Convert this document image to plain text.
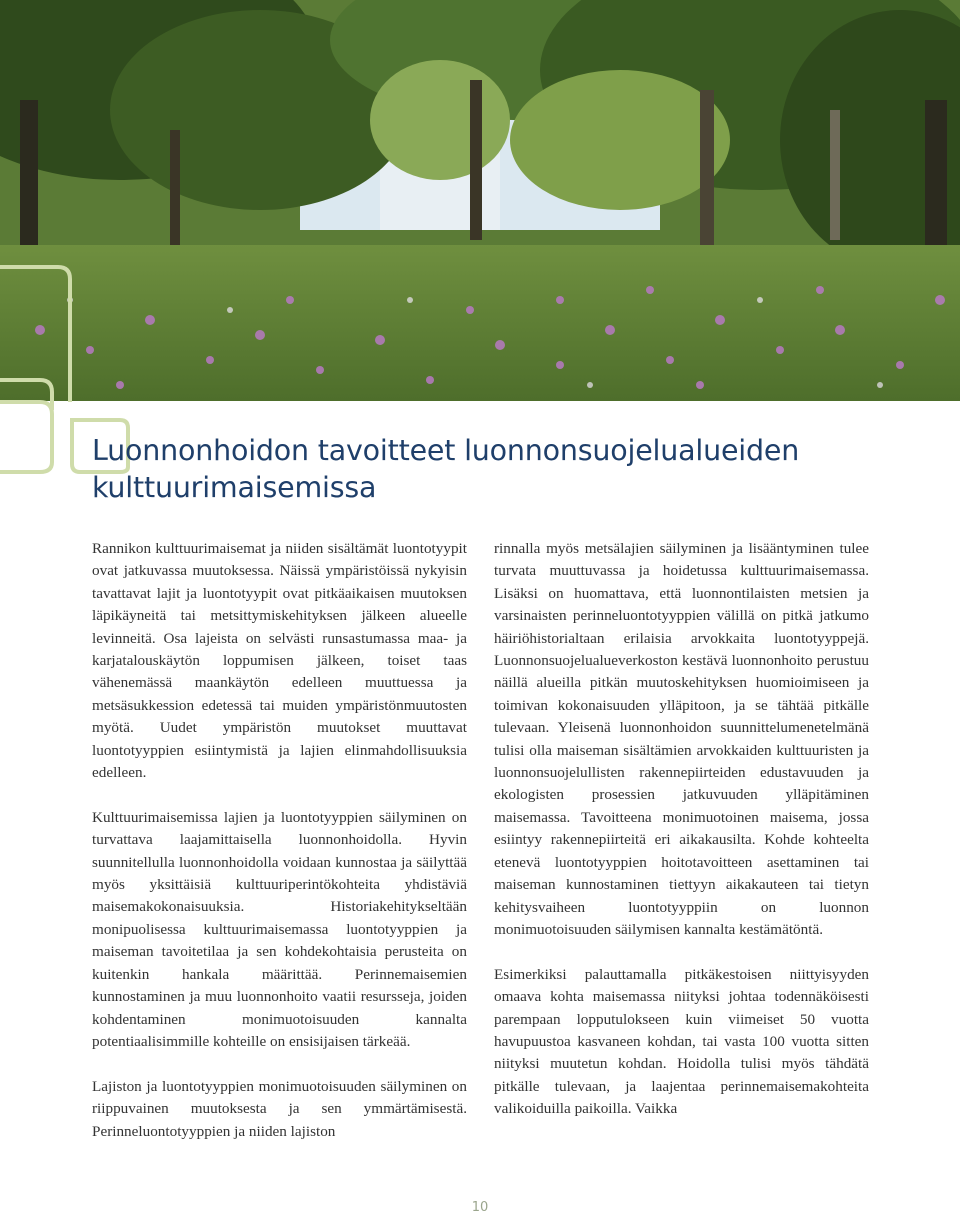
Luonnonhoidon tavoitteet luonnonsuojelualueiden
kulttuurimaisemissa

Rannikon kulttuurimaisemat ja niiden sisältämät luontotyypit ovat jatkuvassa muutoksessa. Näissä ympäristöissä nykyisin tavattavat lajit ja luontotyypit ovat pitkäaikaisen muutoksen läpikäyneitä tai metsittymiskehityksen jälkeen alueelle levinneitä. Osa lajeista on selvästi runsastumassa maa- ja karjatalouskäytön loppumisen jälkeen, toiset taas vähenemässä maankäytön edelleen muuttuessa ja metsäsukkession edetessä tai muiden ympäristönmuutosten myötä. Uudet ympäristön muutokset muuttavat luontotyyppien esiintymistä ja lajien elinmahdollisuuksia edelleen.

Kulttuurimaisemissa lajien ja luontotyyppien säilyminen on turvattava laajamittaisella luonnonhoidolla. Hyvin suunnitellulla luonnonhoidolla voidaan kunnostaa ja säilyttää myös yksittäisiä kulttuuriperintökohteita yhdistäviä maisemakokonaisuuksia. Historiakehitykseltään monipuolisessa kulttuurimaisemassa luontotyyppien ja maiseman tavoitetilaa ja sen kohdekohtaisia perusteita on kuitenkin hankala määrittää. Perinnemaisemien kunnostaminen ja muu luonnonhoito vaatii resursseja, joiden kohdentaminen monimuotoisuuden kannalta potentiaalisimmille kohteille on ensisijaisen tärkeää.

Lajiston ja luontotyyppien monimuotoisuuden säilyminen on riippuvainen muutoksesta ja sen ymmärtämisestä. Perinneluontotyyppien ja niiden lajiston

rinnalla myös metsälajien säilyminen ja lisääntyminen tulee turvata muuttuvassa ja hoidetussa kulttuurimaisemassa. Lisäksi on huomattava, että luonnontilaisten metsien ja varsinaisten perinneluontotyyppien välillä on pitkä jatkumo häiriöhistorialtaan erilaisia arvokkaita luontotyyppejä. Luonnonsuojelualueverkoston kestävä luonnonhoito perustuu näillä alueilla pitkän muutoskehityksen huomioimiseen ja toimivan kokonaisuuden ylläpitoon, ja se tähtää pitkälle tulevaan. Yleisenä luonnonhoidon suunnittelumenetelmänä tulisi olla maiseman sisältämien arvokkaiden kulttuuristen ja luonnonsuojelullisten rakennepiirteiden edustavuuden ja ekologisten prosessien jatkuvuuden ylläpitäminen maisemassa. Tavoitteena monimuotoinen maisema, jossa esiintyy rakennepiirteitä eri aikakausilta. Kohde kohteelta etenevä luontotyyppien hoitotavoitteen asettaminen tai maiseman kunnostaminen tiettyyn aikakauteen tai tietyn kehitysvaiheen luontotyyppiin on luonnon monimuotoisuuden säilymisen kannalta kestämätöntä.

Esimerkiksi palauttamalla pitkäkestoisen niittyisyyden omaava kohta maisemassa niityksi johtaa todennäköisesti parempaan lopputulokseen kuin viimeiset 50 vuotta havupuustoa kasvaneen kohdan, tai vasta 100 vuotta sitten niityksi muutetun kohdan. Hoidolla tulisi myös tähdätä pitkälle tulevaan, ja laajentaa perinnemaisemakohteita valikoiduilla paikoilla. Vaikka

10
